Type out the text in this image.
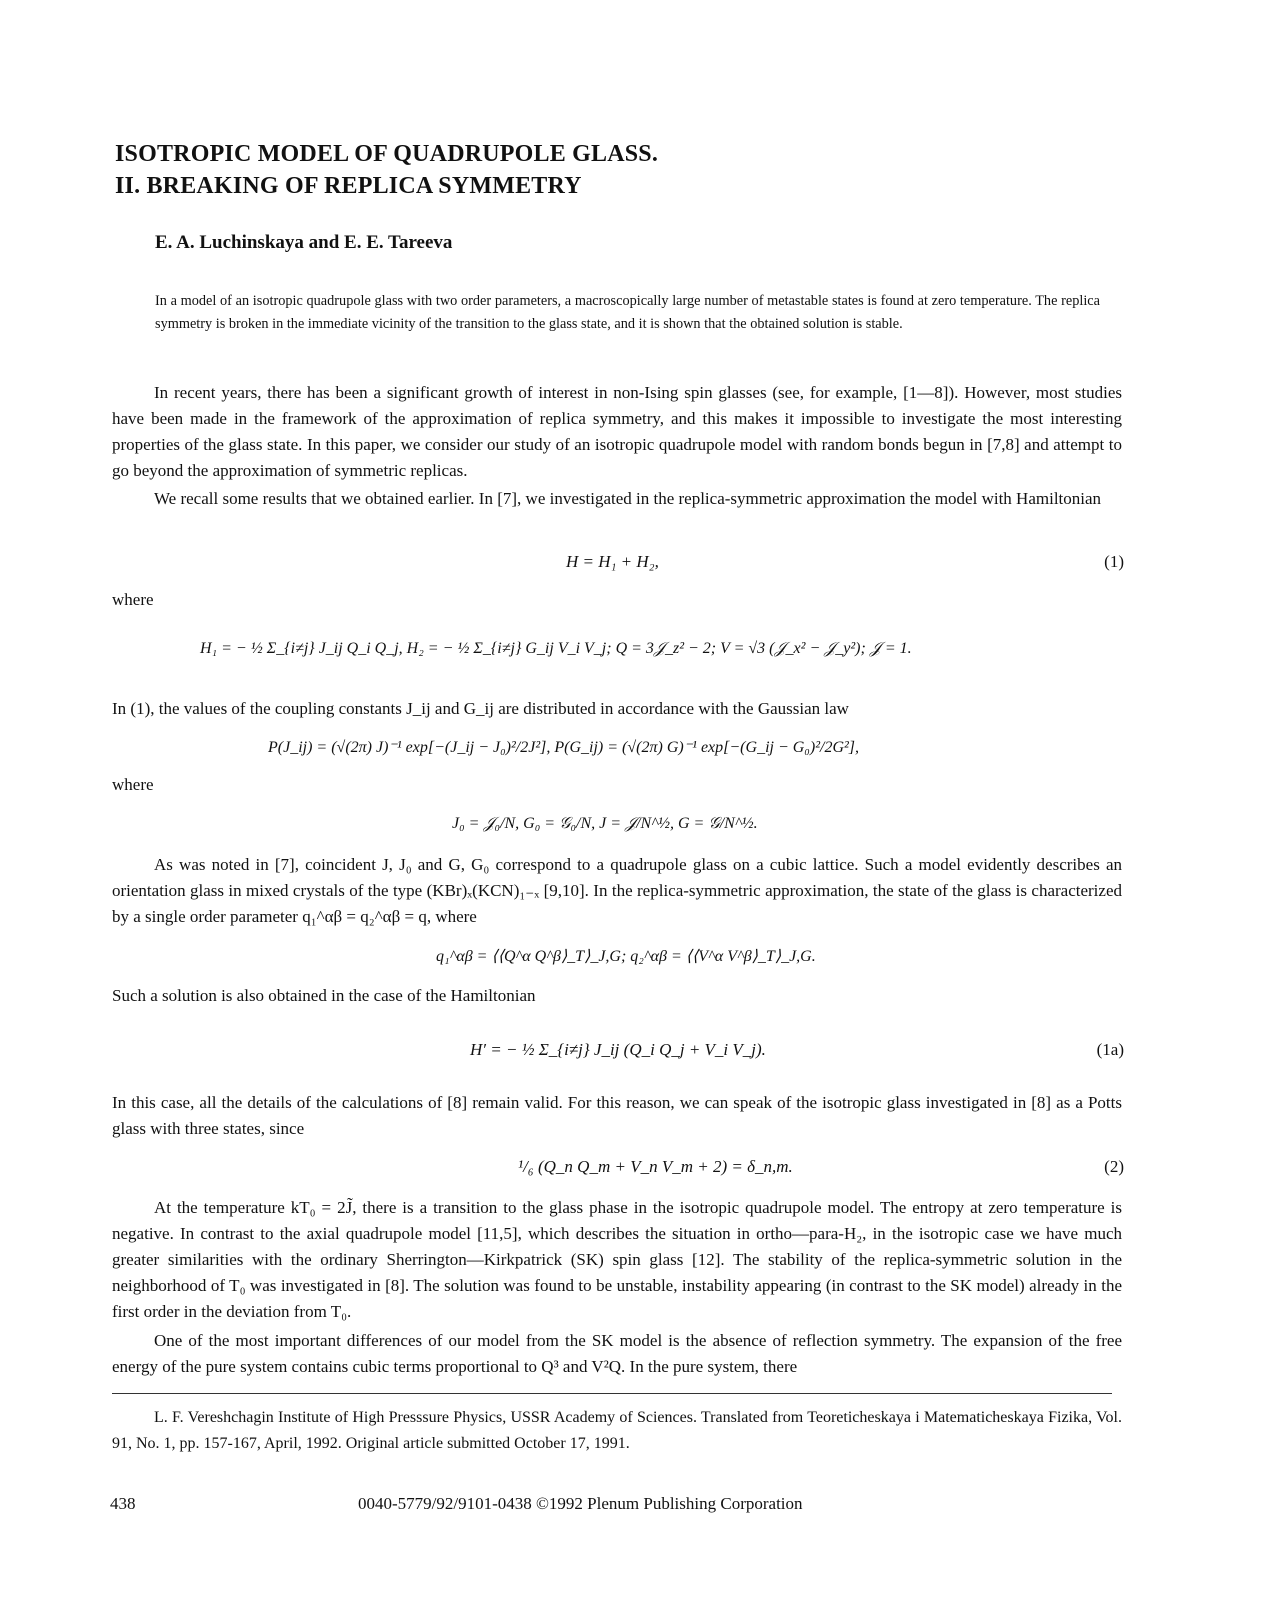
ISOTROPIC MODEL OF QUADRUPOLE GLASS.
II. BREAKING OF REPLICA SYMMETRY

E. A. Luchinskaya and E. E. Tareeva

In a model of an isotropic quadrupole glass with two order parameters, a macroscopically large number of metastable states is found at zero temperature. The replica symmetry is broken in the immediate vicinity of the transition to the glass state, and it is shown that the obtained solution is stable.

In recent years, there has been a significant growth of interest in non-Ising spin glasses (see, for example, [1—8]). However, most studies have been made in the framework of the approximation of replica symmetry, and this makes it impossible to investigate the most interesting properties of the glass state. In this paper, we consider our study of an isotropic quadrupole model with random bonds begun in [7,8] and attempt to go beyond the approximation of symmetric replicas.

We recall some results that we obtained earlier. In [7], we investigated in the replica-symmetric approximation the model with Hamiltonian

H = H₁ + H₂,	(1)
where
H₁ = − ½ Σ_{i≠j} J_ij Q_i Q_j, H₂ = − ½ Σ_{i≠j} G_ij V_i V_j; Q = 3𝒥_z² − 2; V = √3 (𝒥_x² − 𝒥_y²); 𝒥 = 1.

In (1), the values of the coupling constants J_ij and G_ij are distributed in accordance with the Gaussian law

P(J_ij) = (√(2π) J)⁻¹ exp[−(J_ij − J₀)²/2J²], P(G_ij) = (√(2π) G)⁻¹ exp[−(G_ij − G₀)²/2G²],
where
J₀ = 𝒥₀/N, G₀ = 𝒢₀/N, J = 𝒥/N^½, G = 𝒢/N^½.

As was noted in [7], coincident J, J₀ and G, G₀ correspond to a quadrupole glass on a cubic lattice. Such a model evidently describes an orientation glass in mixed crystals of the type (KBr)ₓ(KCN)₁₋ₓ [9,10]. In the replica-symmetric approximation, the state of the glass is characterized by a single order parameter q₁^αβ = q₂^αβ = q, where

q₁^αβ = ⟨⟨Q^α Q^β⟩_T⟩_J,G; q₂^αβ = ⟨⟨V^α V^β⟩_T⟩_J,G.

Such a solution is also obtained in the case of the Hamiltonian

H′ = − ½ Σ_{i≠j} J_ij (Q_i Q_j + V_i V_j).	(1a)

In this case, all the details of the calculations of [8] remain valid. For this reason, we can speak of the isotropic glass investigated in [8] as a Potts glass with three states, since

¹/₆ (Q_n Q_m + V_n V_m + 2) = δ_n,m.	(2)

At the temperature kT₀ = 2J̃, there is a transition to the glass phase in the isotropic quadrupole model. The entropy at zero temperature is negative. In contrast to the axial quadrupole model [11,5], which describes the situation in ortho—para-H₂, in the isotropic case we have much greater similarities with the ordinary Sherrington—Kirkpatrick (SK) spin glass [12]. The stability of the replica-symmetric solution in the neighborhood of T₀ was investigated in [8]. The solution was found to be unstable, instability appearing (in contrast to the SK model) already in the first order in the deviation from T₀.

One of the most important differences of our model from the SK model is the absence of reflection symmetry. The expansion of the free energy of the pure system contains cubic terms proportional to Q³ and V²Q. In the pure system, there

L. F. Vereshchagin Institute of High Presssure Physics, USSR Academy of Sciences. Translated from Teoreticheskaya i Matematicheskaya Fizika, Vol. 91, No. 1, pp. 157-167, April, 1992. Original article submitted October 17, 1991.

438	0040-5779/92/9101-0438 ©1992 Plenum Publishing Corporation
